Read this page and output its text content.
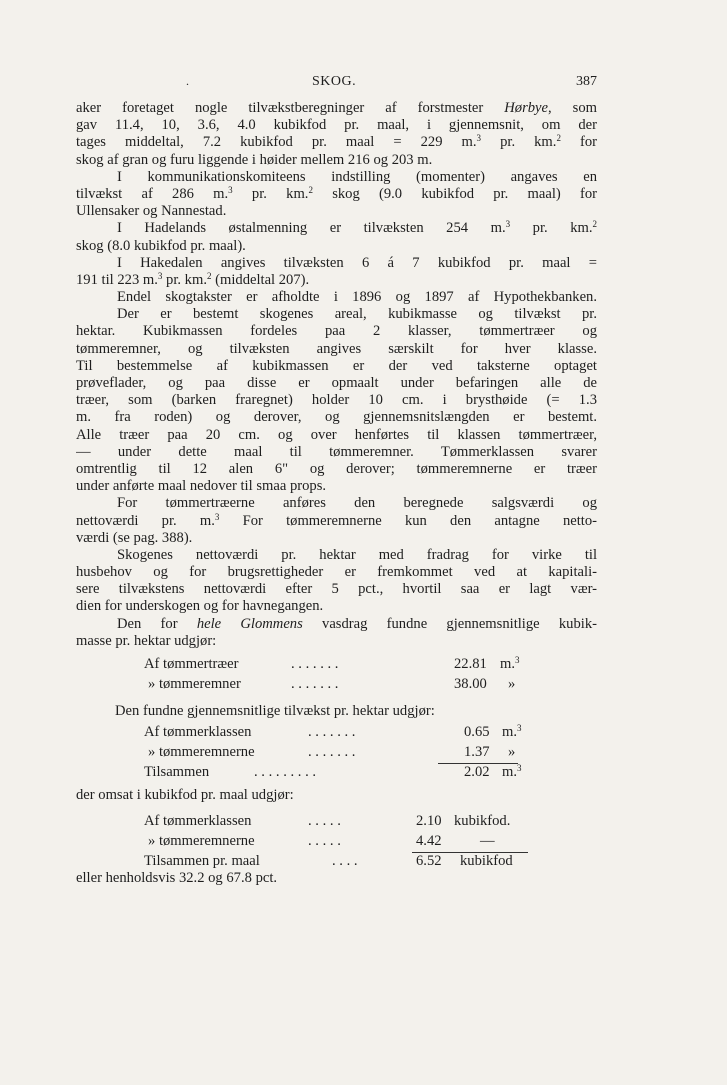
.	SKOG.	387
aker foretaget nogle tilvækstberegninger af forstmester Hørbye, som
gav 11.4, 10, 3.6, 4.0 kubikfod pr. maal, i gjennemsnit, om der
tages middeltal, 7.2 kubikfod pr. maal = 229 m.$^3$ pr. km.$^2$ for
skog af gran og furu liggende i høider mellem 216 og 203 m.
I kommunikationskomiteens indstilling (momenter) angaves en
tilvækst af 286 m.$^3$ pr. km.$^2$ skog (9.0 kubikfod pr. maal) for
Ullensaker og Nannestad.
I Hadelands østalmenning er tilvæksten 254 m.$^3$ pr. km.$^2$
skog (8.0 kubikfod pr. maal).
I Hakedalen angives tilvæksten 6 á 7 kubikfod pr. maal =
191 til 223 m.$^3$ pr. km.$^2$ (middeltal 207).
Endel skogtakster er afholdte i 1896 og 1897 af Hypothekbanken.
Der er bestemt skogenes areal, kubikmasse og tilvækst pr.
hektar. Kubikmassen fordeles paa 2 klasser, tømmertræer og
tømmeremner, og tilvæksten angives særskilt for hver klasse.
Til bestemmelse af kubikmassen er der ved taksterne optaget
prøveflader, og paa disse er opmaalt under befaringen alle de
træer, som (barken fraregnet) holder 10 cm. i brysthøide (= 1.3
m. fra roden) og derover, og gjennemsnitslængden er bestemt.
Alle træer paa 20 cm. og over henførtes til klassen tømmertræer,
— under dette maal til tømmeremner. Tømmerklassen svarer
omtrentlig til 12 alen 6" og derover; tømmeremnerne er træer
under anførte maal nedover til smaa props.
For tømmertræerne anføres den beregnede salgsværdi og
nettoværdi pr. m.$^3$ For tømmeremnerne kun den antagne netto-
værdi (se pag. 388).
Skogenes nettoværdi pr. hektar med fradrag for virke til
husbehov og for brugsrettigheder er fremkommet ved at kapitali-
sere tilvækstens nettoværdi efter 5 pct., hvortil saa er lagt vær-
dien for underskogen og for havnegangen.
Den for hele Glommens vasdrag fundne gjennemsnitlige kubik-
masse pr. hektar udgjør:
Af tømmertræer	. . . . . . .	22.81 m.$^3$
» tømmeremner	. . . . . . .	38.00 »
Den fundne gjennemsnitlige tilvækst pr. hektar udgjør:
Af tømmerklassen	. . . . . . .	0.65 m.$^3$
» tømmeremnerne	. . . . . . .	1.37 »
Tilsammen	. . . . . . . . .	2.02 m.$^3$
der omsat i kubikfod pr. maal udgjør:
Af tømmerklassen	. . . . .	2.10 kubikfod.
» tømmeremnerne	. . . . .	4.42	—
Tilsammen pr. maal	. . . .	6.52 kubikfod
eller henholdsvis 32.2 og 67.8 pct.
